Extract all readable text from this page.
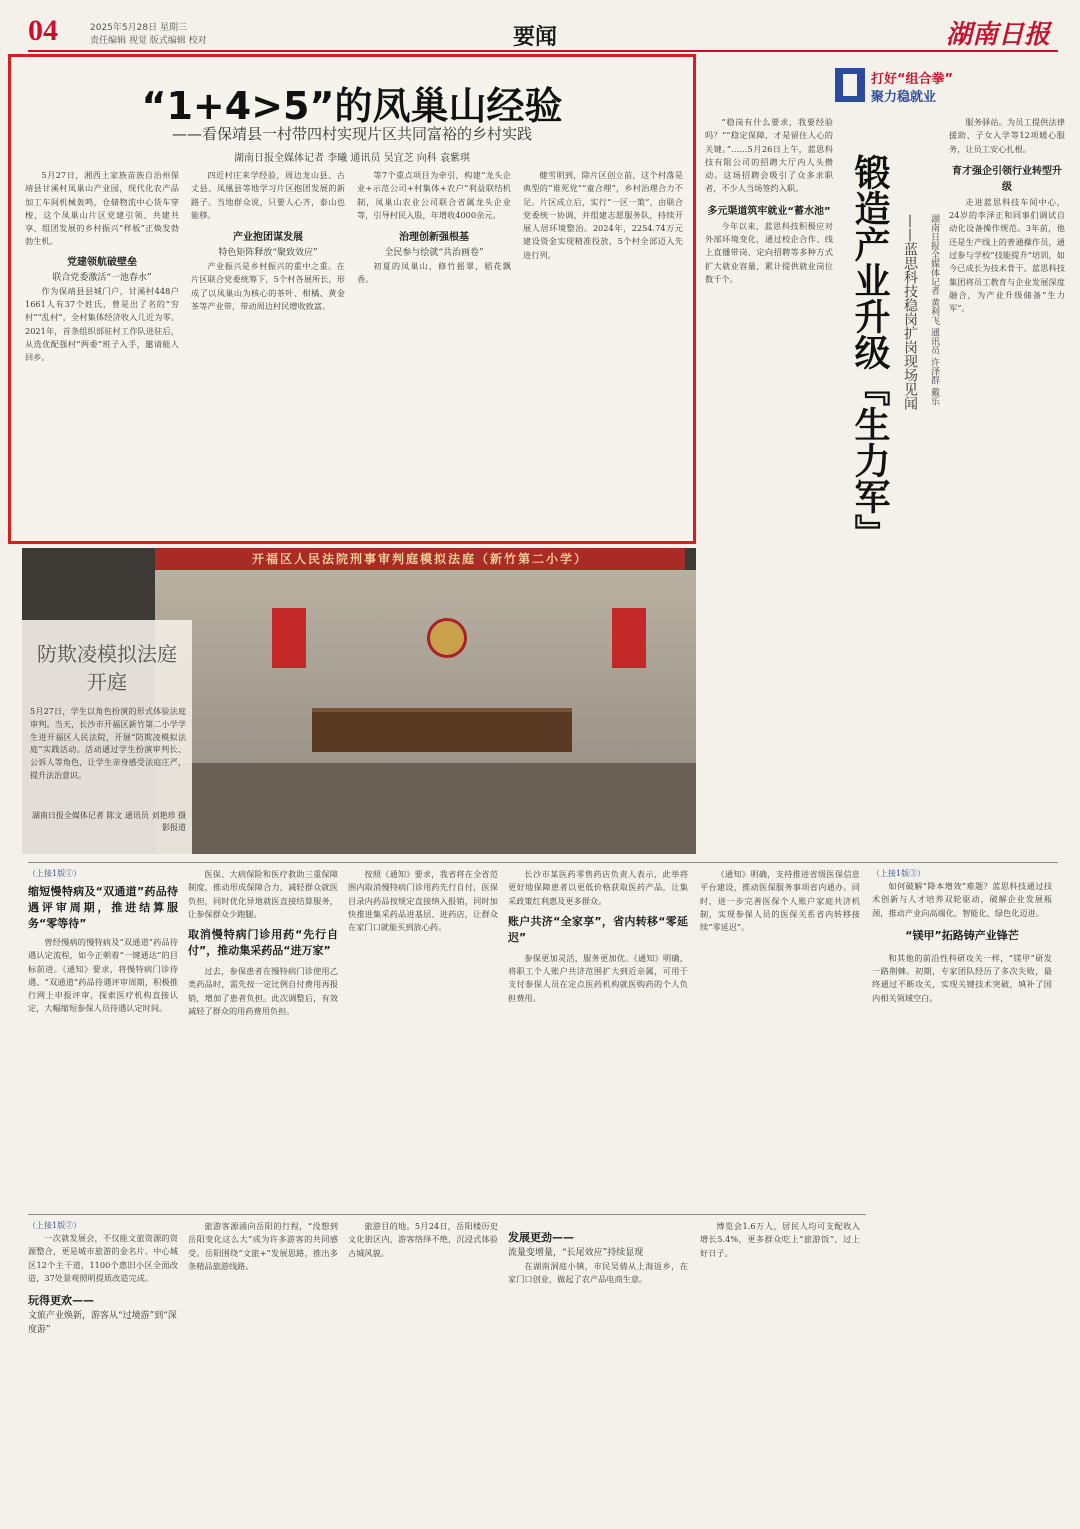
04	2025年5月28日 星期三
责任编辑 视觉 版式编辑 校对	要闻	湖南日报
“1+4>5”的凤巢山经验
——看保靖县一村带四村实现片区共同富裕的乡村实践
湖南日报全媒体记者 李曦 通讯员 吴宜芝 向科 袁紫琪

5月27日，湘西土家族苗族自治州保靖县甘溪村凤巢山产业园，现代化农产品加工车间机械轰鸣，仓储物流中心货车穿梭，这个凤巢山片区党建引领、共建共享、组团发展的乡村振兴“样板”正焕发勃勃生机。

党建领航破壁垒
联合党委激活“一池春水”

作为保靖县县城门户，甘溪村448户1661人有37个姓氏，曾是出了名的“穷村”“乱村”，全村集体经济收入几近为零。2021年，首条组织部驻村工作队进驻后，从选优配强村“两委”班子入手，邀请能人回乡。

四近村庄来学经验，周边龙山县、古丈县、凤凰县等地学习片区抱团发展的新路子。当地群众说，只要人心齐，泰山也能移。

产业抱团谋发展
特色矩阵释放“聚致效应”

产业振兴是乡村振兴的重中之重。在片区联合党委统筹下，5个村各展所长，形成了以凤巢山为核心的茶叶、柑橘、黄金茶等产业带，带动周边村民增收致富。

等7个重点项目为牵引，构建“龙头企业+示范公司+村集体+农户”利益联结机制，凤巢山农业公司联合省属龙头企业等，引导村民入股，年增收4000余元。

治理创新强根基
全民参与绘就“共治画卷”

初夏的凤巢山，修竹摇翠，稻花飘香。

健雪明到，除片区创立前，这个村落是典型的“谁死党”“童合理”，乡村治理合力不足。片区成立后，实行“一区一策”，由联合党委统一协调，并组建志愿服务队，持续开展人居环境整治。2024年，2254.74万元建设资金实现精准投放，5个村全部迈入先进行列。

开福区人民法院刑事审判庭模拟法庭（新竹第二小学）
防欺凌模拟法庭
开庭
5月27日，学生以角色扮演的形式体验法庭审判。当天，长沙市开福区新竹第二小学学生进开福区人民法院，开展“防欺凌模拟法庭”实践活动。活动通过学生扮演审判长、公诉人等角色，让学生亲身感受法庭庄严，提升法治意识。
湖南日报全媒体记者 陈文 通讯员 刘艳珍 摄影报道
打好“组合拳”
聚力稳就业
锻造产业升级『生力军』 ——蓝思科技稳岗扩岗现场见闻	湖南日报全媒体记者 黄利飞 通讯员 许泽群 戴乐

“稳岗有什么要求，我要经验吗？”“稳定保障，才是留住人心的关键。”……5月26日上午，蓝思科技有限公司的招聘大厅内人头攒动。这场招聘会吸引了众多求职者，不少人当场签约入职。

多元渠道筑牢就业“蓄水池”

今年以来，蓝思科技积极应对外部环境变化，通过校企合作、线上直播带岗、定向招聘等多种方式扩大就业容量，累计提供就业岗位数千个。

服务驿站。为员工提供法律援助、子女入学等12项暖心服务，让员工安心扎根。

育才强企引领行业转型升级

走进蓝思科技车间中心，24岁的李泽正和同事们调试自动化设备操作规范。3年前，他还是生产线上的普通操作员，通过参与学校“技能提升”培训，如今已成长为技术骨干。蓝思科技集团将员工教育与企业发展深度融合，为产业升级储备“生力军”。

（上接1版①）
缩短慢特病及“双通道”药品待遇评审周期，推进结算服务“零等待”

曾经慢病的慢特病及“双通道”药品待遇认定流程，如今正朝着“一键通达”的目标前进。《通知》要求，将慢特病门诊待遇、“双通道”药品待遇评审周期，积极推行网上申报评审，探索医疗机构直接认定，大幅缩短参保人员待遇认定时间。

医保、大病保险和医疗救助三重保障制度，推动形成保障合力，减轻群众就医负担，同时优化异地就医直接结算服务，让参保群众少跑腿。

取消慢特病门诊用药“先行自付”，推动集采药品“进万家”

过去，参保患者在慢特病门诊使用乙类药品时，需先按一定比例自付费用再报销，增加了患者负担。此次调整后，有效减轻了群众的用药费用负担。

按照《通知》要求，我省将在全省范围内取消慢特病门诊用药先行自付，医保目录内药品按规定直接纳入报销，同时加快推进集采药品进基层、进药店，让群众在家门口就能买到放心药。

长沙市某医药零售药店负责人表示，此举将更好地保障患者以更低价格获取医药产品，让集采政策红利惠及更多群众。

账户共济“全家享”，省内转移“零延迟”

参保更加灵活，服务更加优。《通知》明确，将职工个人账户共济范围扩大到近亲属，可用于支付参保人员在定点医药机构就医购药的个人负担费用。

《通知》明确，支持推进省级医保信息平台建设，推动医保服务事项省内通办。同时，进一步完善医保个人账户家庭共济机制，实现参保人员的医保关系省内转移接续“零延迟”。

（上接1版③）

如何破解“降本增效”难题？蓝思科技通过技术创新与人才培养双轮驱动，破解企业发展瓶颈，推动产业向高端化、智能化、绿色化迈进。

“镁甲”拓路铸产业锋芒

和其他的前沿性科研攻关一样，“镁甲”研发一路荆棘。初期，专家团队经历了多次失败，最终通过不断攻关，实现关键技术突破，填补了国内相关领域空白。

（上接1版②）

一次就发展会，不仅能文旅资源的资源整合，更是城市旅游的金名片。中心城区12个主干道，1100个惠旧小区全面改造，37处景观照明提质改造完成。

玩得更欢——
文旅产业焕新，游客从“过境游”到“深度游”

旅游客源涌向岳阳的行程，“没想到岳阳变化这么大”成为许多游客的共同感受。岳阳围绕“文旅+”发展思路，推出多条精品旅游线路。

旅游目的地。5月24日，岳阳楼历史文化街区内，游客络绎不绝，沉浸式体验古城风貌。

发展更劲——
流量变增量，“长尾效应”持续显现

在湖南洞庭小镇，市民吴倩从上海返乡，在家门口创业，做起了农产品电商生意。

博览会1.6万人，居民人均可支配收入增长5.4%，更多群众吃上“旅游饭”，过上好日子。
